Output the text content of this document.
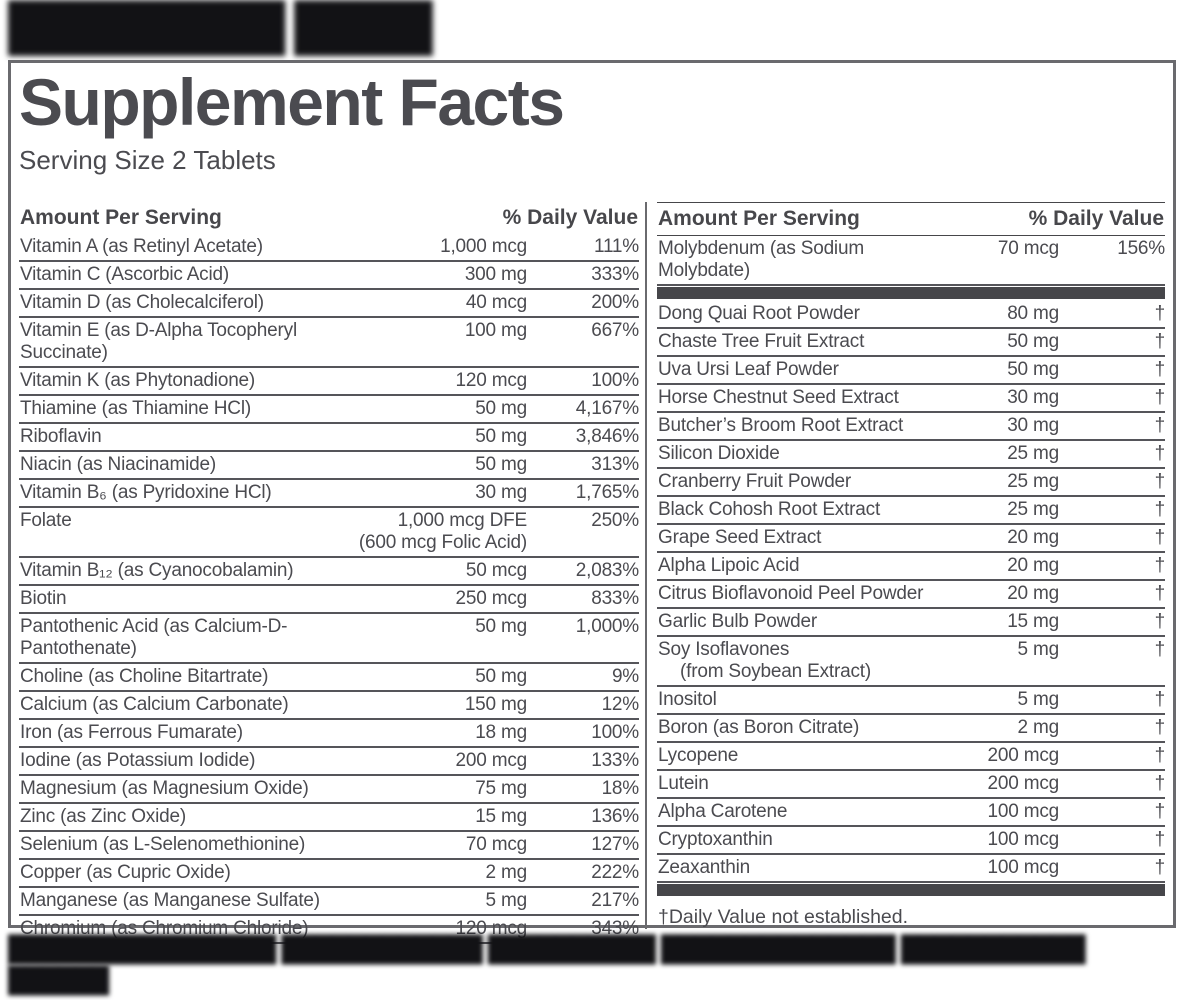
█████████ ████▌
Supplement Facts
Serving Size 2 Tablets
Amount Per Serving	% Daily Value
Vitamin A (as Retinyl Acetate)	1,000 mcg	111%
Vitamin C (Ascorbic Acid)	300 mg	333%
Vitamin D (as Cholecalciferol)	40 mcg	200%
Vitamin E (as D-Alpha Tocopheryl Succinate)
100 mg	667%
Vitamin K (as Phytonadione)	120 mcg	100%
Thiamine (as Thiamine HCl)	50 mg	4,167%
Riboflavin	50 mg	3,846%
Niacin (as Niacinamide)	50 mg	313%
Vitamin B₆ (as Pyridoxine HCl)	30 mg	1,765%
Folate	1,000 mcg DFE
(600 mcg Folic Acid)
250%
Vitamin B₁₂ (as Cyanocobalamin)	50 mcg	2,083%
Biotin	250 mcg	833%
Pantothenic Acid (as Calcium-D-Pantothenate)
50 mg	1,000%
Choline (as Choline Bitartrate)	50 mg	9%
Calcium (as Calcium Carbonate)	150 mg	12%
Iron (as Ferrous Fumarate)	18 mg	100%
Iodine (as Potassium Iodide)	200 mcg	133%
Magnesium (as Magnesium Oxide)	75 mg	18%
Zinc (as Zinc Oxide)	15 mg	136%
Selenium (as L-Selenomethionine)	70 mcg	127%
Copper (as Cupric Oxide)	2 mg	222%
Manganese (as Manganese Sulfate)	5 mg	217%
Chromium (as Chromium Chloride)	120 mcg	343%
Amount Per Serving	% Daily Value
Molybdenum (as Sodium Molybdate)
70 mcg	156%
Dong Quai Root Powder	80 mg	†
Chaste Tree Fruit Extract	50 mg	†
Uva Ursi Leaf Powder	50 mg	†
Horse Chestnut Seed Extract	30 mg	†
Butcher’s Broom Root Extract	30 mg	†
Silicon Dioxide	25 mg	†
Cranberry Fruit Powder	25 mg	†
Black Cohosh Root Extract	25 mg	†
Grape Seed Extract	20 mg	†
Alpha Lipoic Acid	20 mg	†
Citrus Bioflavonoid Peel Powder	20 mg	†
Garlic Bulb Powder	15 mg	†
Soy Isoflavones
(from Soybean Extract)
5 mg	†
Inositol	5 mg	†
Boron (as Boron Citrate)	2 mg	†
Lycopene	200 mcg	†
Lutein	200 mcg	†
Alpha Carotene	100 mcg	†
Cryptoxanthin	100 mcg	†
Zeaxanthin	100 mcg	†
†Daily Value not established.
████████████████ ████████████ ██████████ ██████████████ ███████████
██████
